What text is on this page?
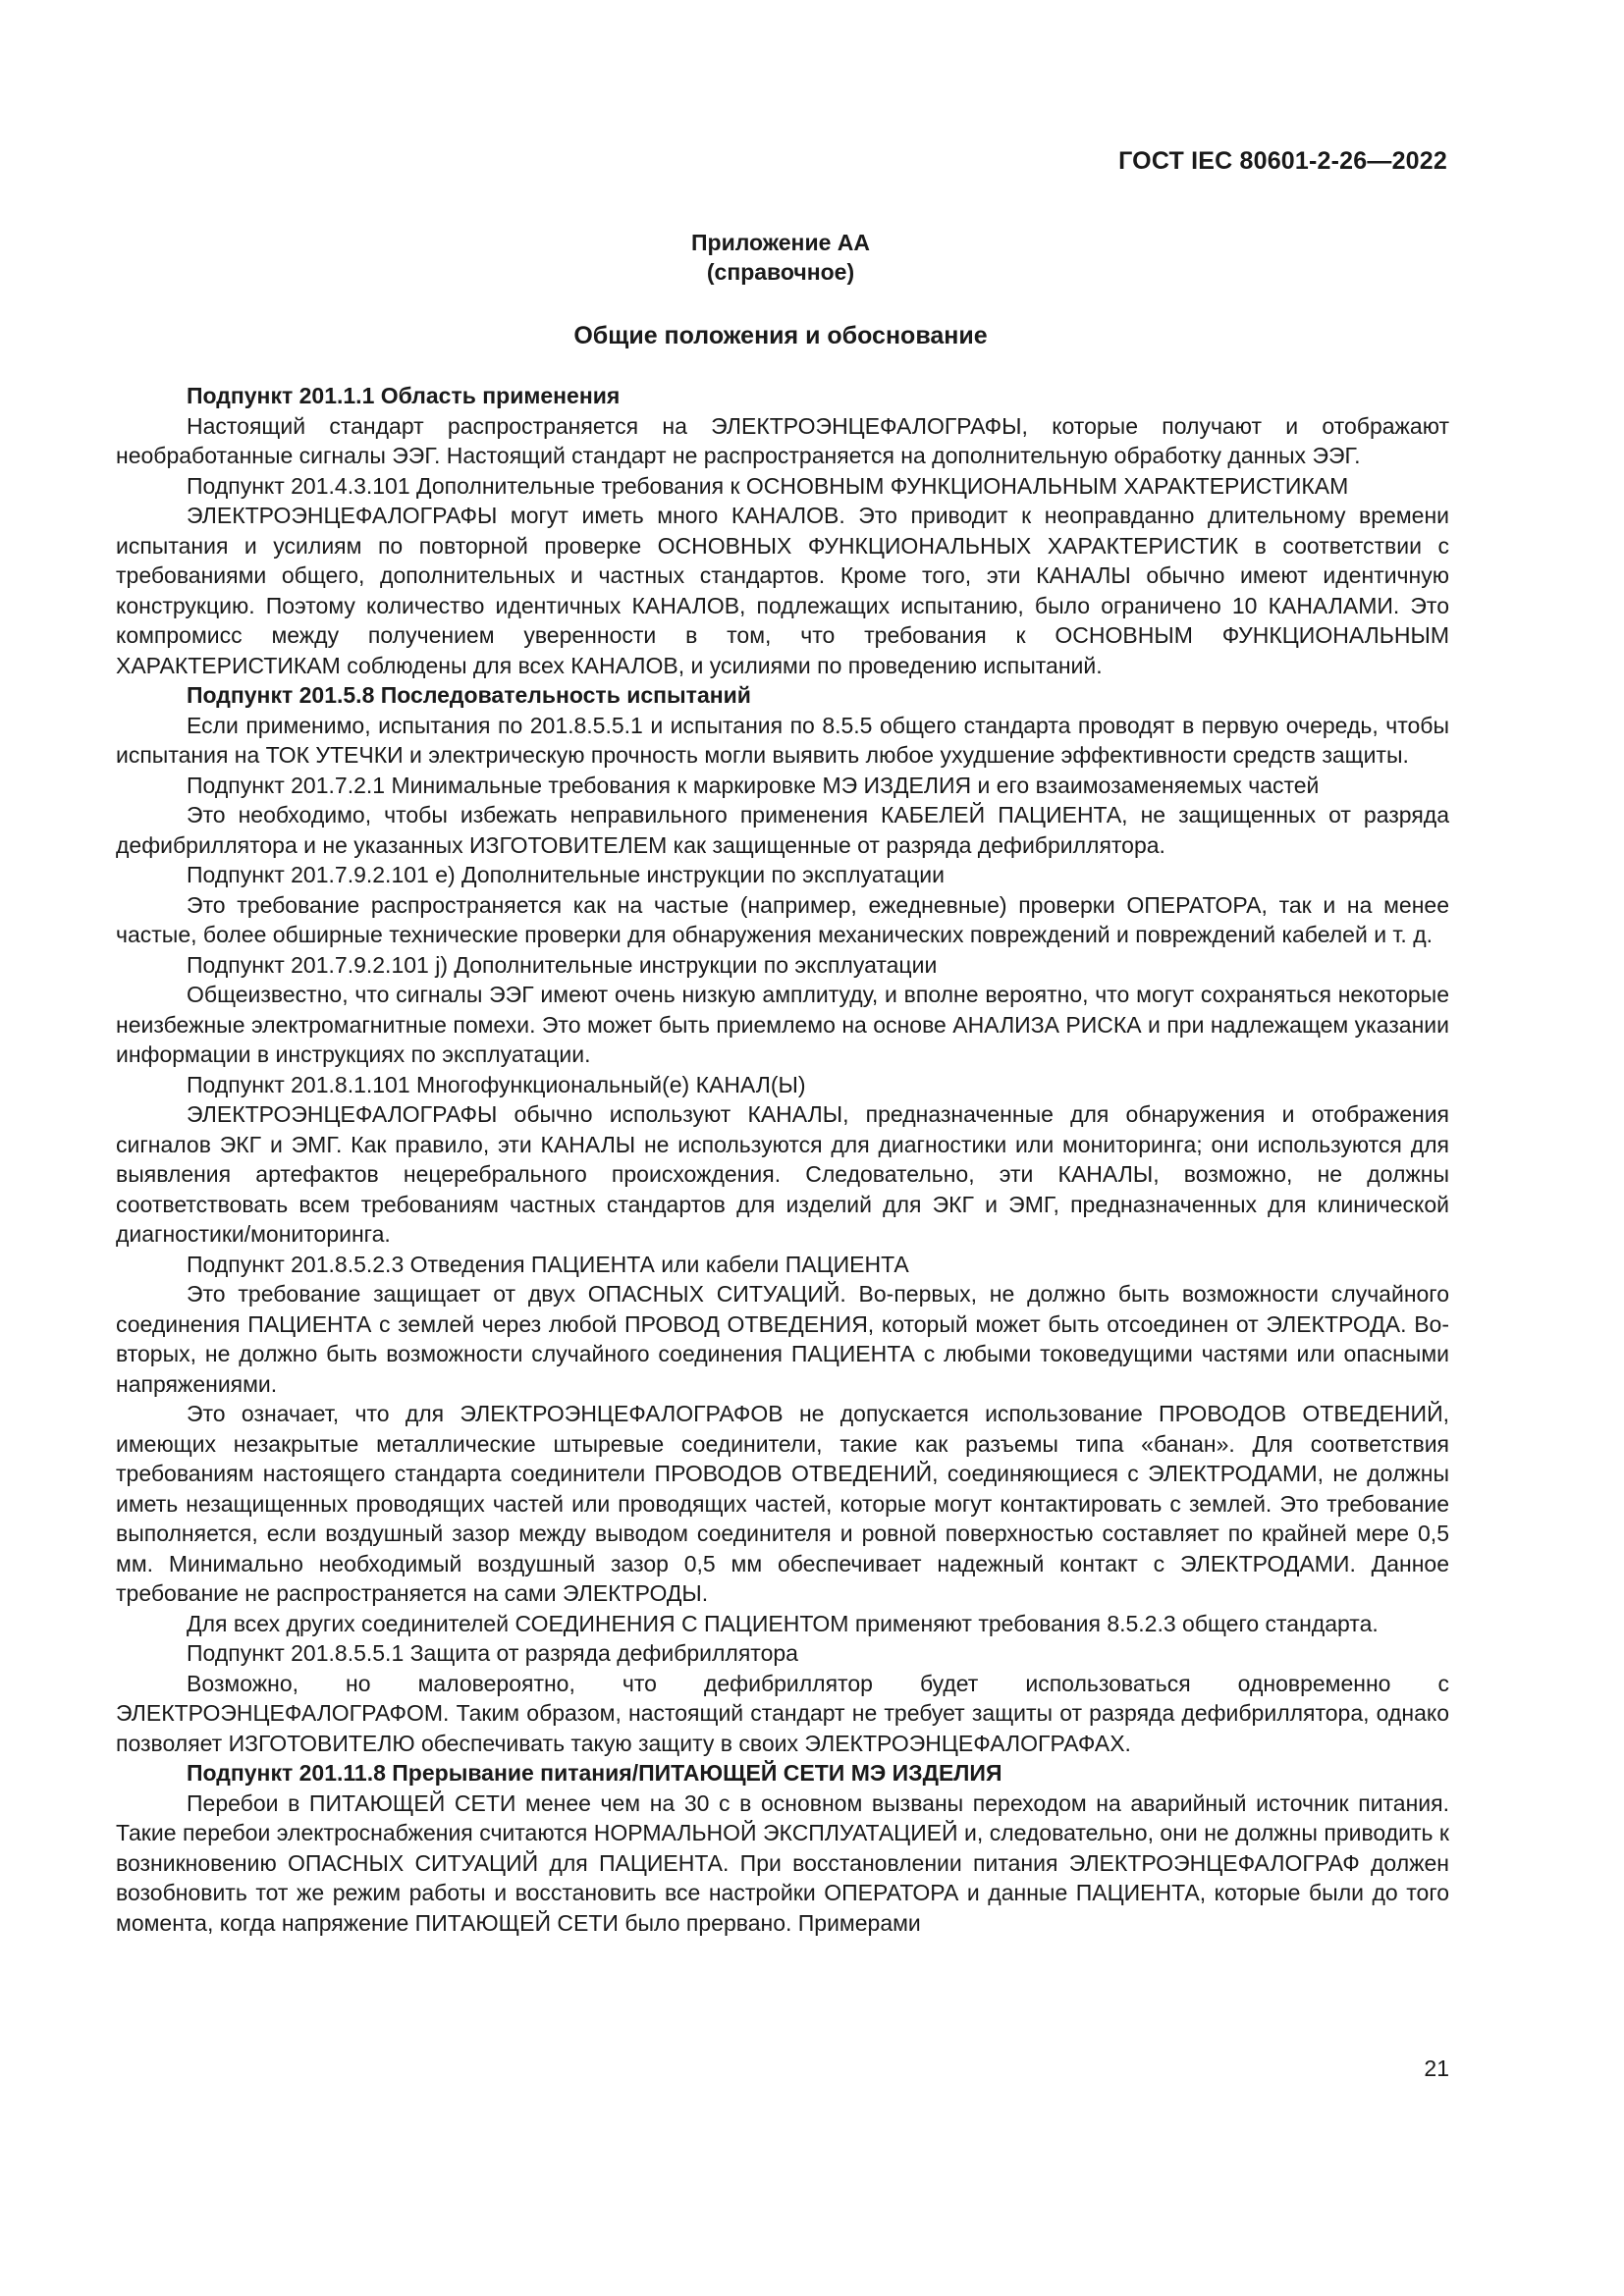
ГОСТ IEC 80601-2-26—2022
Приложение АА
(справочное)
Общие положения и обоснование

Подпункт 201.1.1 Область применения

Настоящий стандарт распространяется на ЭЛЕКТРОЭНЦЕФАЛОГРАФЫ, которые получают и отображают необработанные сигналы ЭЭГ. Настоящий стандарт не распространяется на дополнительную обработку данных ЭЭГ.

Подпункт 201.4.3.101 Дополнительные требования к ОСНОВНЫМ ФУНКЦИОНАЛЬНЫМ ХАРАКТЕРИСТИКАМ

ЭЛЕКТРОЭНЦЕФАЛОГРАФЫ могут иметь много КАНАЛОВ. Это приводит к неоправданно длительному времени испытания и усилиям по повторной проверке ОСНОВНЫХ ФУНКЦИОНАЛЬНЫХ ХАРАКТЕРИСТИК в соответствии с требованиями общего, дополнительных и частных стандартов. Кроме того, эти КАНАЛЫ обычно имеют идентичную конструкцию. Поэтому количество идентичных КАНАЛОВ, подлежащих испытанию, было ограничено 10 КАНАЛАМИ. Это компромисс между получением уверенности в том, что требования к ОСНОВНЫМ ФУНКЦИОНАЛЬНЫМ ХАРАКТЕРИСТИКАМ соблюдены для всех КАНАЛОВ, и усилиями по проведению испытаний.

Подпункт 201.5.8 Последовательность испытаний

Если применимо, испытания по 201.8.5.5.1 и испытания по 8.5.5 общего стандарта проводят в первую очередь, чтобы испытания на ТОК УТЕЧКИ и электрическую прочность могли выявить любое ухудшение эффективности средств защиты.

Подпункт 201.7.2.1 Минимальные требования к маркировке МЭ ИЗДЕЛИЯ и его взаимозаменяемых частей

Это необходимо, чтобы избежать неправильного применения КАБЕЛЕЙ ПАЦИЕНТА, не защищенных от разряда дефибриллятора и не указанных ИЗГОТОВИТЕЛЕМ как защищенные от разряда дефибриллятора.

Подпункт 201.7.9.2.101 е) Дополнительные инструкции по эксплуатации

Это требование распространяется как на частые (например, ежедневные) проверки ОПЕРАТОРА, так и на менее частые, более обширные технические проверки для обнаружения механических повреждений и повреждений кабелей и т. д.

Подпункт 201.7.9.2.101 j) Дополнительные инструкции по эксплуатации

Общеизвестно, что сигналы ЭЭГ имеют очень низкую амплитуду, и вполне вероятно, что могут сохраняться некоторые неизбежные электромагнитные помехи. Это может быть приемлемо на основе АНАЛИЗА РИСКА и при надлежащем указании информации в инструкциях по эксплуатации.

Подпункт 201.8.1.101 Многофункциональный(е) КАНАЛ(Ы)

ЭЛЕКТРОЭНЦЕФАЛОГРАФЫ обычно используют КАНАЛЫ, предназначенные для обнаружения и отображения сигналов ЭКГ и ЭМГ. Как правило, эти КАНАЛЫ не используются для диагностики или мониторинга; они используются для выявления артефактов нецеребрального происхождения. Следовательно, эти КАНАЛЫ, возможно, не должны соответствовать всем требованиям частных стандартов для изделий для ЭКГ и ЭМГ, предназначенных для клинической диагностики/мониторинга.

Подпункт 201.8.5.2.3 Отведения ПАЦИЕНТА или кабели ПАЦИЕНТА

Это требование защищает от двух ОПАСНЫХ СИТУАЦИЙ. Во-первых, не должно быть возможности случайного соединения ПАЦИЕНТА с землей через любой ПРОВОД ОТВЕДЕНИЯ, который может быть отсоединен от ЭЛЕКТРОДА. Во-вторых, не должно быть возможности случайного соединения ПАЦИЕНТА с любыми токоведущими частями или опасными напряжениями.

Это означает, что для ЭЛЕКТРОЭНЦЕФАЛОГРАФОВ не допускается использование ПРОВОДОВ ОТВЕДЕНИЙ, имеющих незакрытые металлические штыревые соединители, такие как разъемы типа «банан». Для соответствия требованиям настоящего стандарта соединители ПРОВОДОВ ОТВЕДЕНИЙ, соединяющиеся с ЭЛЕКТРОДАМИ, не должны иметь незащищенных проводящих частей или проводящих частей, которые могут контактировать с землей. Это требование выполняется, если воздушный зазор между выводом соединителя и ровной поверхностью составляет по крайней мере 0,5 мм. Минимально необходимый воздушный зазор 0,5 мм обеспечивает надежный контакт с ЭЛЕКТРОДАМИ. Данное требование не распространяется на сами ЭЛЕКТРОДЫ.

Для всех других соединителей СОЕДИНЕНИЯ С ПАЦИЕНТОМ применяют требования 8.5.2.3 общего стандарта.

Подпункт 201.8.5.5.1 Защита от разряда дефибриллятора

Возможно, но маловероятно, что дефибриллятор будет использоваться одновременно с ЭЛЕКТРОЭНЦЕФАЛОГРАФОМ. Таким образом, настоящий стандарт не требует защиты от разряда дефибриллятора, однако позволяет ИЗГОТОВИТЕЛЮ обеспечивать такую защиту в своих ЭЛЕКТРОЭНЦЕФАЛОГРАФАХ.

Подпункт 201.11.8 Прерывание питания/ПИТАЮЩЕЙ СЕТИ МЭ ИЗДЕЛИЯ

Перебои в ПИТАЮЩЕЙ СЕТИ менее чем на 30 с в основном вызваны переходом на аварийный источник питания. Такие перебои электроснабжения считаются НОРМАЛЬНОЙ ЭКСПЛУАТАЦИЕЙ и, следовательно, они не должны приводить к возникновению ОПАСНЫХ СИТУАЦИЙ для ПАЦИЕНТА. При восстановлении питания ЭЛЕКТРОЭНЦЕФАЛОГРАФ должен возобновить тот же режим работы и восстановить все настройки ОПЕРАТОРА и данные ПАЦИЕНТА, которые были до того момента, когда напряжение ПИТАЮЩЕЙ СЕТИ было прервано. Примерами

21
